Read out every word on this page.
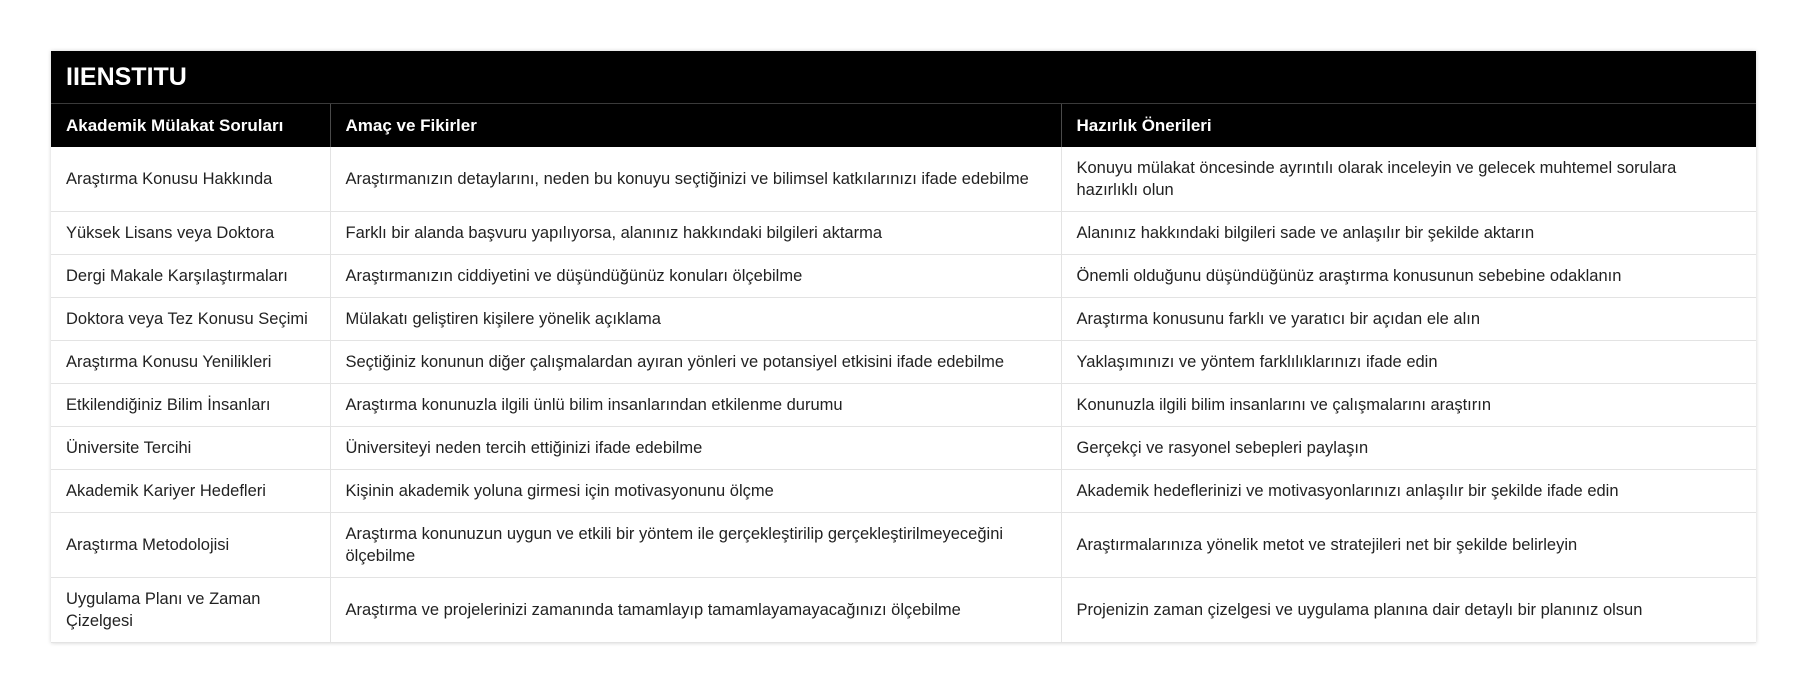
IIENSTITU
Akademik Mülakat Soruları	Amaç ve Fikirler	Hazırlık Önerileri
Araştırma Konusu Hakkında	Araştırmanızın detaylarını, neden bu konuyu seçtiğinizi ve bilimsel katkılarınızı ifade edebilme	Konuyu mülakat öncesinde ayrıntılı olarak inceleyin ve gelecek muhtemel sorulara hazırlıklı olun
Yüksek Lisans veya Doktora	Farklı bir alanda başvuru yapılıyorsa, alanınız hakkındaki bilgileri aktarma	Alanınız hakkındaki bilgileri sade ve anlaşılır bir şekilde aktarın
Dergi Makale Karşılaştırmaları	Araştırmanızın ciddiyetini ve düşündüğünüz konuları ölçebilme	Önemli olduğunu düşündüğünüz araştırma konusunun sebebine odaklanın
Doktora veya Tez Konusu Seçimi	Mülakatı geliştiren kişilere yönelik açıklama	Araştırma konusunu farklı ve yaratıcı bir açıdan ele alın
Araştırma Konusu Yenilikleri	Seçtiğiniz konunun diğer çalışmalardan ayıran yönleri ve potansiyel etkisini ifade edebilme	Yaklaşımınızı ve yöntem farklılıklarınızı ifade edin
Etkilendiğiniz Bilim İnsanları	Araştırma konunuzla ilgili ünlü bilim insanlarından etkilenme durumu	Konunuzla ilgili bilim insanlarını ve çalışmalarını araştırın
Üniversite Tercihi	Üniversiteyi neden tercih ettiğinizi ifade edebilme	Gerçekçi ve rasyonel sebepleri paylaşın
Akademik Kariyer Hedefleri	Kişinin akademik yoluna girmesi için motivasyonunu ölçme	Akademik hedeflerinizi ve motivasyonlarınızı anlaşılır bir şekilde ifade edin
Araştırma Metodolojisi	Araştırma konunuzun uygun ve etkili bir yöntem ile gerçekleştirilip gerçekleştirilmeyeceğini ölçebilme	Araştırmalarınıza yönelik metot ve stratejileri net bir şekilde belirleyin
Uygulama Planı ve Zaman Çizelgesi	Araştırma ve projelerinizi zamanında tamamlayıp tamamlayamayacağınızı ölçebilme	Projenizin zaman çizelgesi ve uygulama planına dair detaylı bir planınız olsun
